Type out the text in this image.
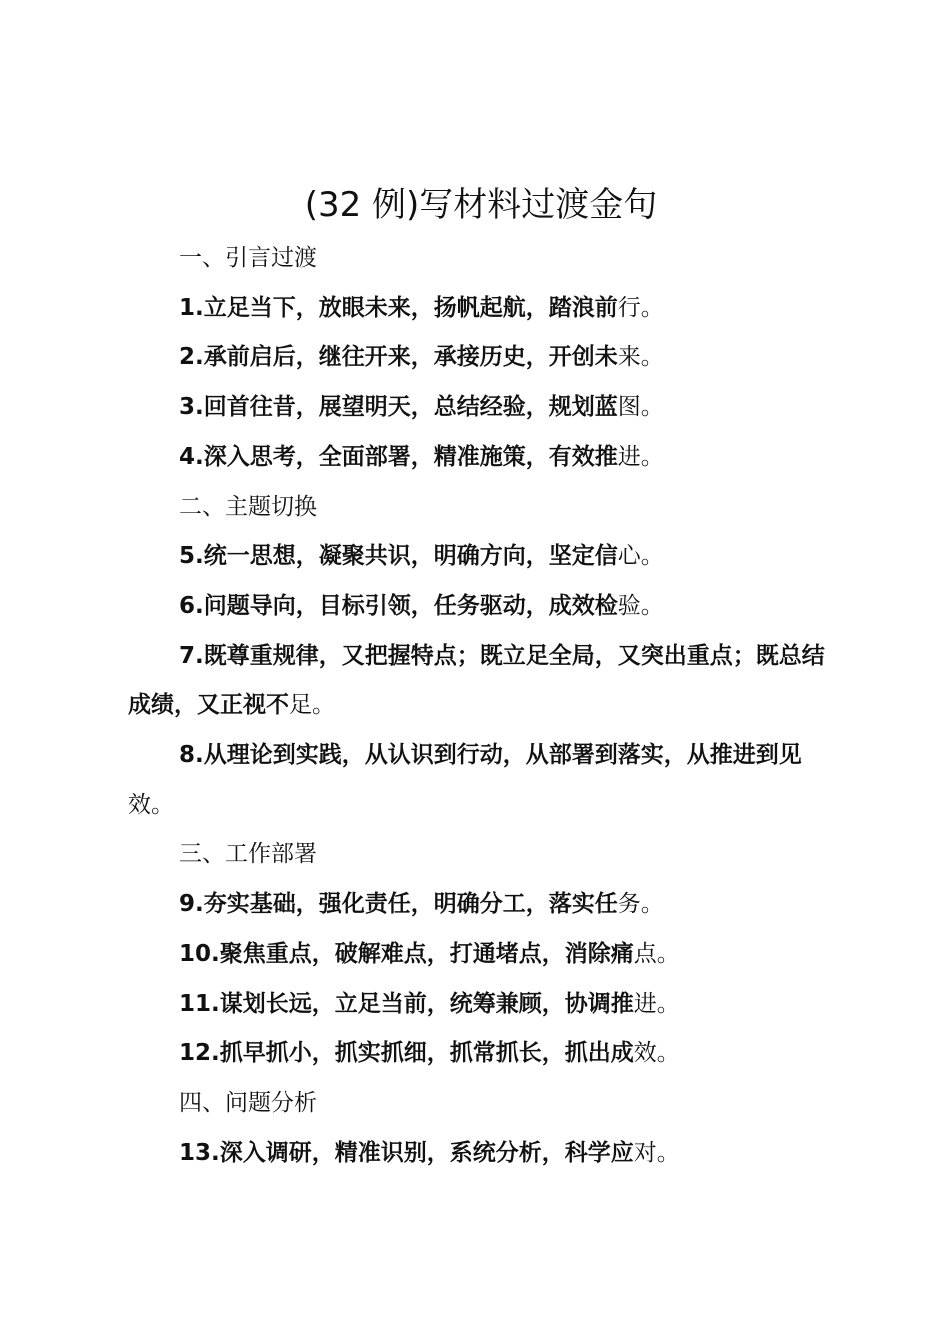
(32 例)写材料过渡金句

一、引言过渡

1.立足当下，放眼未来，扬帆起航，踏浪前行。

2.承前启后，继往开来，承接历史，开创未来。

3.回首往昔，展望明天，总结经验，规划蓝图。

4.深入思考，全面部署，精准施策，有效推进。

二、主题切换

5.统一思想，凝聚共识，明确方向，坚定信心。

6.问题导向，目标引领，任务驱动，成效检验。

7.既尊重规律，又把握特点；既立足全局，又突出重点；既总结成绩，又正视不足。

8.从理论到实践，从认识到行动，从部署到落实，从推进到见效。

三、工作部署

9.夯实基础，强化责任，明确分工，落实任务。

10.聚焦重点，破解难点，打通堵点，消除痛点。

11.谋划长远，立足当前，统筹兼顾，协调推进。

12.抓早抓小，抓实抓细，抓常抓长，抓出成效。

四、问题分析

13.深入调研，精准识别，系统分析，科学应对。
